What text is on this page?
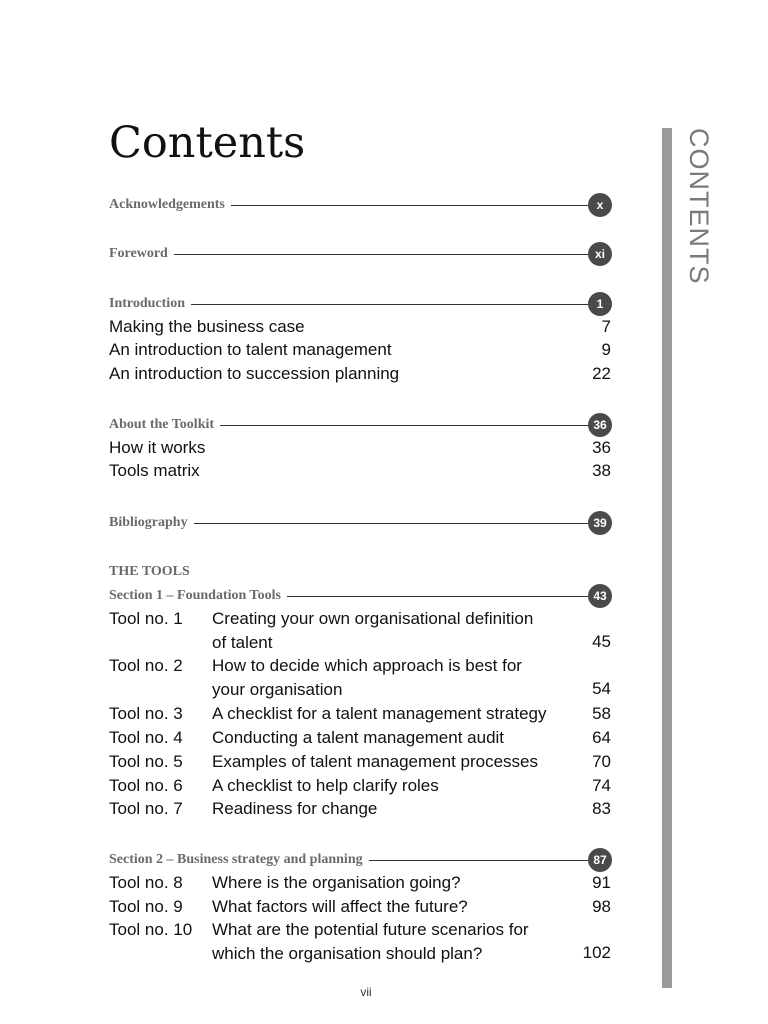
Contents	CONTENTS
Acknowledgements	x
Foreword	xi
Introduction	1
Making the business case	7
An introduction to talent management	9
An introduction to succession planning	22
About the Toolkit	36
How it works	36
Tools matrix	38
Bibliography	39
THE TOOLS
Section 1 – Foundation Tools	43
Tool no. 1 Creating your own organisational definition
of talent	45
Tool no. 2 How to decide which approach is best for
your organisation	54
Tool no. 3 A checklist for a talent management strategy	58
Tool no. 4 Conducting a talent management audit	64
Tool no. 5 Examples of talent management processes	70
Tool no. 6 A checklist to help clarify roles	74
Tool no. 7 Readiness for change	83
Section 2 – Business strategy and planning	87
Tool no. 8 Where is the organisation going?	91
Tool no. 9 What factors will affect the future?	98
Tool no. 10 What are the potential future scenarios for
which the organisation should plan?	102
vii
